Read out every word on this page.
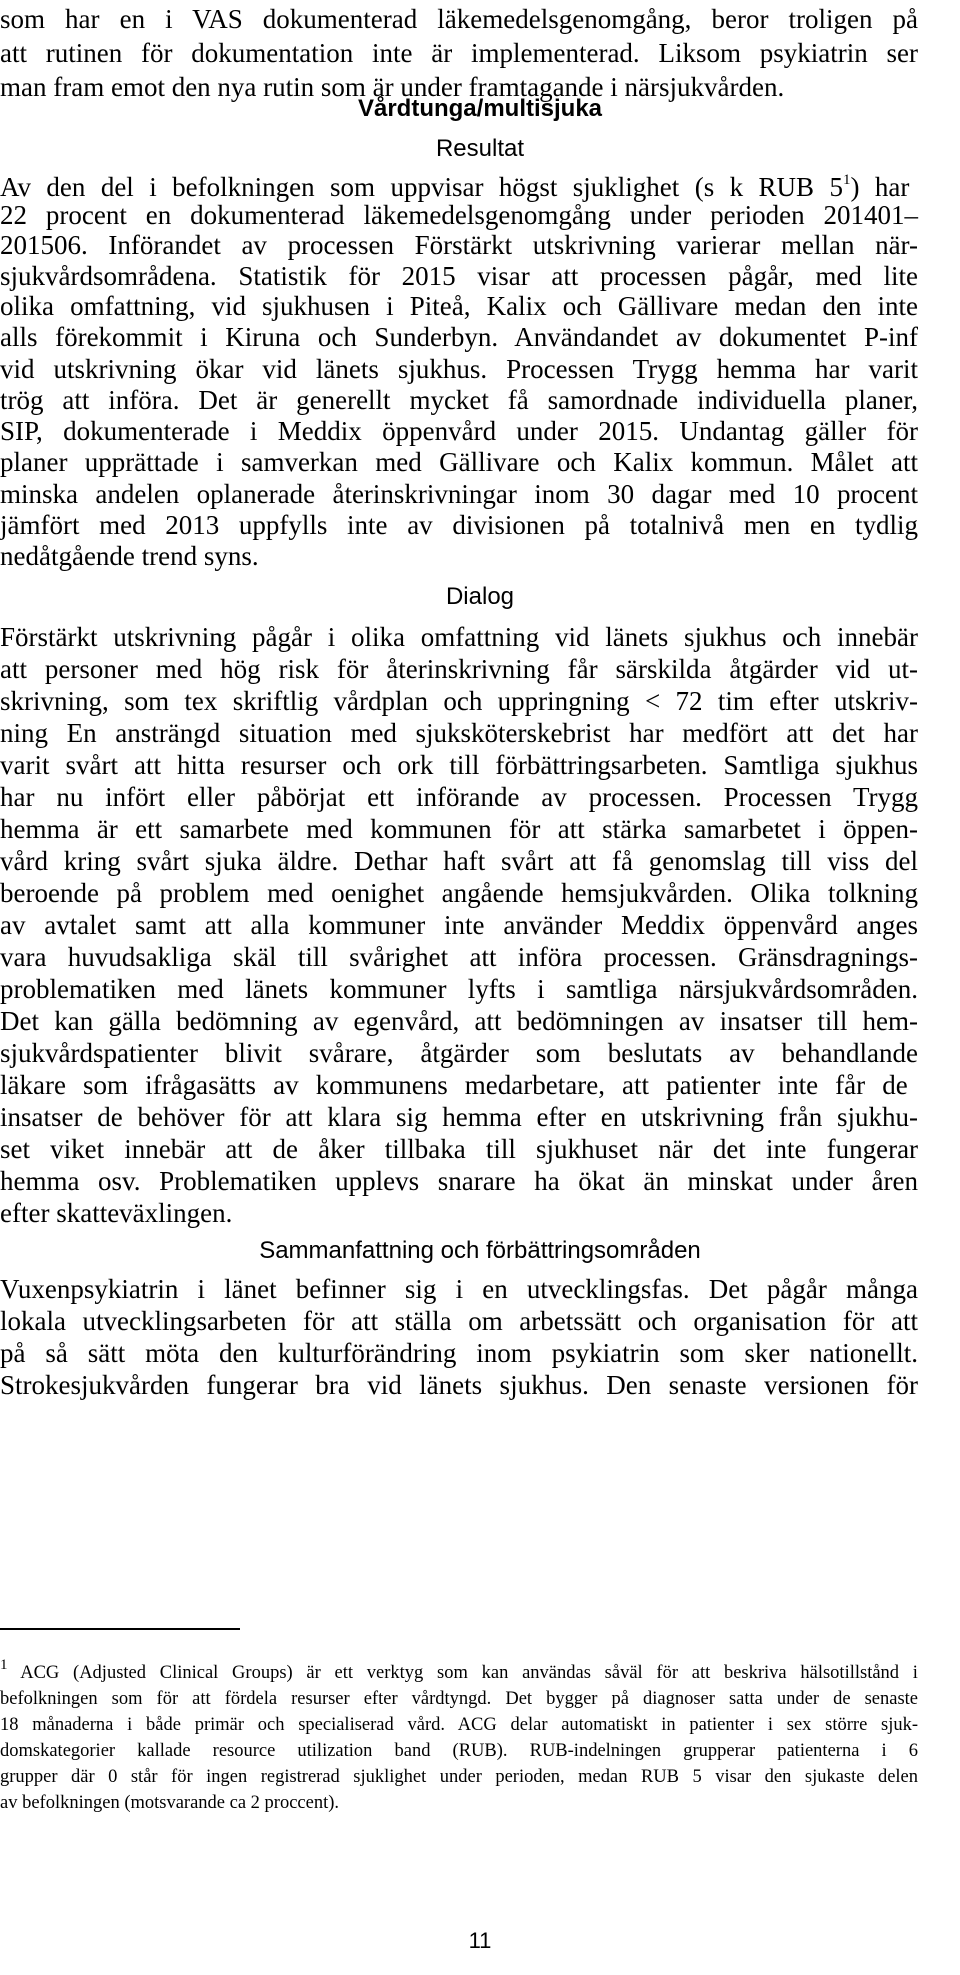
som har en i VAS dokumenterad läkemedelsgenomgång, beror troligen på

att rutinen för dokumentation inte är implementerad. Liksom psykiatrin ser

man fram emot den nya rutin som är under framtagande i närsjukvården.

Vårdtunga/multisjuka
Resultat

Av den del i befolkningen som uppvisar högst sjuklighet (s k RUB $5^1$) har

22 procent en dokumenterad läkemedelsgenomgång under perioden 201401–

201506. Införandet av processen Förstärkt utskrivning varierar mellan när-

sjukvårdsområdena. Statistik för 2015 visar att processen pågår, med lite

olika omfattning, vid sjukhusen i Piteå, Kalix och Gällivare medan den inte

alls förekommit i Kiruna och Sunderbyn. Användandet av dokumentet P-inf

vid utskrivning ökar vid länets sjukhus. Processen Trygg hemma har varit

trög att införa. Det är generellt mycket få samordnade individuella planer,

SIP, dokumenterade i Meddix öppenvård under 2015. Undantag gäller för

planer upprättade i samverkan med Gällivare och Kalix kommun. Målet att

minska andelen oplanerade återinskrivningar inom 30 dagar med 10 procent

jämfört med 2013 uppfylls inte av divisionen på totalnivå men en tydlig

nedåtgående trend syns.

Dialog

Förstärkt utskrivning pågår i olika omfattning vid länets sjukhus och innebär

att personer med hög risk för återinskrivning får särskilda åtgärder vid ut-

skrivning, som tex skriftlig vårdplan och uppringning < 72 tim efter utskriv-

ning En ansträngd situation med sjuksköterskebrist har medfört att det har

varit svårt att hitta resurser och ork till förbättringsarbeten. Samtliga sjukhus

har nu infört eller påbörjat ett införande av processen. Processen Trygg

hemma är ett samarbete med kommunen för att stärka samarbetet i öppen-

vård kring svårt sjuka äldre. Dethar haft svårt att få genomslag till viss del

beroende på problem med oenighet angående hemsjukvården. Olika tolkning

av avtalet samt att alla kommuner inte använder Meddix öppenvård anges

vara huvudsakliga skäl till svårighet att införa processen. Gränsdragnings-

problematiken med länets kommuner lyfts i samtliga närsjukvårdsområden.

Det kan gälla bedömning av egenvård, att bedömningen av insatser till hem-

sjukvårdspatienter blivit svårare, åtgärder som beslutats av behandlande

läkare som ifrågasätts av kommunens medarbetare, att patienter inte får de

insatser de behöver för att klara sig hemma efter en utskrivning från sjukhu-

set viket innebär att de åker tillbaka till sjukhuset när det inte fungerar

hemma osv. Problematiken upplevs snarare ha ökat än minskat under åren

efter skatteväxlingen.

Sammanfattning och förbättringsområden

Vuxenpsykiatrin i länet befinner sig i en utvecklingsfas. Det pågår många

lokala utvecklingsarbeten för att ställa om arbetssätt och organisation för att

på så sätt möta den kulturförändring inom psykiatrin som sker nationellt.

Strokesjukvården fungerar bra vid länets sjukhus. Den senaste versionen för

$^1$ ACG (Adjusted Clinical Groups) är ett verktyg som kan användas såväl för att beskriva hälsotillstånd i

befolkningen som för att fördela resurser efter vårdtyngd. Det bygger på diagnoser satta under de senaste

18 månaderna i både primär och specialiserad vård. ACG delar automatiskt in patienter i sex större sjuk-

domskategorier kallade resource utilization band (RUB). RUB-indelningen grupperar patienterna i 6

grupper där 0 står för ingen registrerad sjuklighet under perioden, medan RUB 5 visar den sjukaste delen

av befolkningen (motsvarande ca 2 proccent).

11
